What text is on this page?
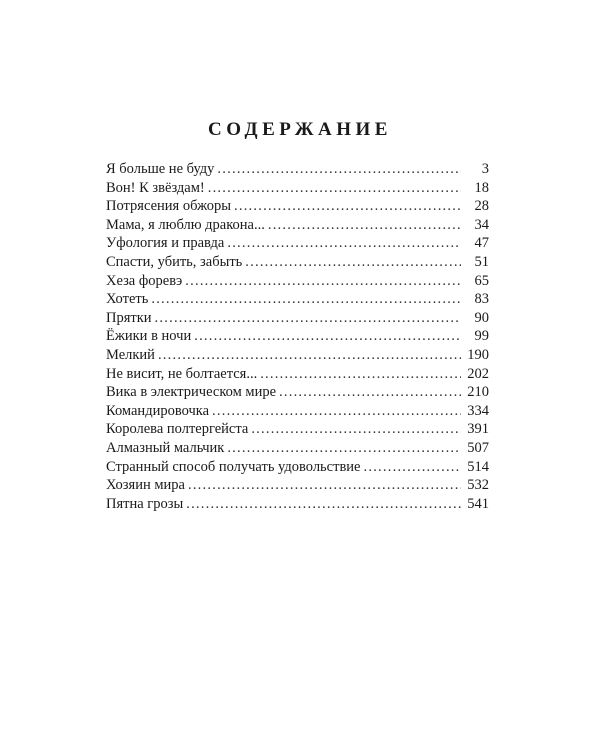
СОДЕРЖАНИЕ
Я больше не буду . . .	3
Вон! К звёздам! . . .	18
Потрясения обжоры . . .	28
Мама, я люблю дракона... . . .	34
Уфология и правда . . .	47
Спасти, убить, забыть . . .	51
Хеза форевэ . . .	65
Хотеть . . .	83
Прятки . . .	90
Ёжики в ночи . . .	99
Мелкий . . .	190
Не висит, не болтается... . . .	202
Вика в электрическом мире . . .	210
Командировочка . . .	334
Королева полтергейста . . .	391
Алмазный мальчик . . .	507
Странный способ получать удовольствие . . .	514
Хозяин мира . . .	532
Пятна грозы . . .	541
